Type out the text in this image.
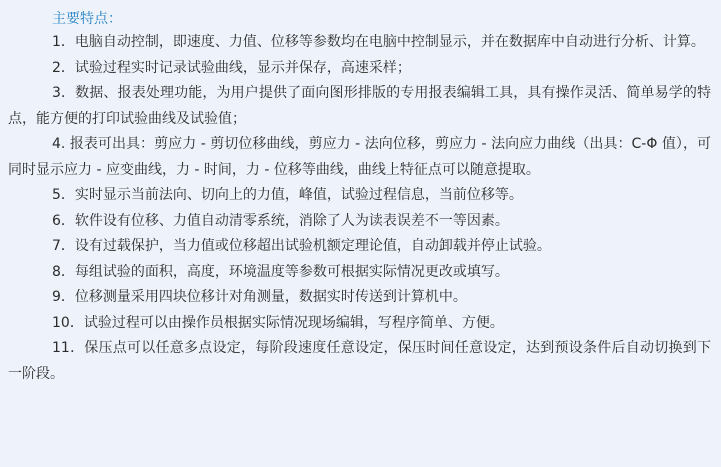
主要特点：
1．电脑自动控制，即速度、力值、位移等参数均在电脑中控制显示，并在数据库中自动进行分析、计算。
2．试验过程实时记录试验曲线，显示并保存，高速采样；
3．数据、报表处理功能，为用户提供了面向图形排版的专用报表编辑工具，具有操作灵活、简单易学的特点，能方便的打印试验曲线及试验值；
4. 报表可出具：剪应力 - 剪切位移曲线，剪应力 - 法向位移，剪应力 - 法向应力曲线（出具：C-Φ 值），可同时显示应力 - 应变曲线，力 - 时间，力 - 位移等曲线，曲线上特征点可以随意提取。
5．实时显示当前法向、切向上的力值，峰值，试验过程信息，当前位移等。
6．软件设有位移、力值自动清零系统，消除了人为读表误差不一等因素。
7．设有过载保护，当力值或位移超出试验机额定理论值，自动卸载并停止试验。
8．每组试验的面积，高度，环境温度等参数可根据实际情况更改或填写。
9．位移测量采用四块位移计对角测量，数据实时传送到计算机中。
10．试验过程可以由操作员根据实际情况现场编辑，写程序简单、方便。
11．保压点可以任意多点设定，每阶段速度任意设定，保压时间任意设定，达到预设条件后自动切换到下一阶段。
